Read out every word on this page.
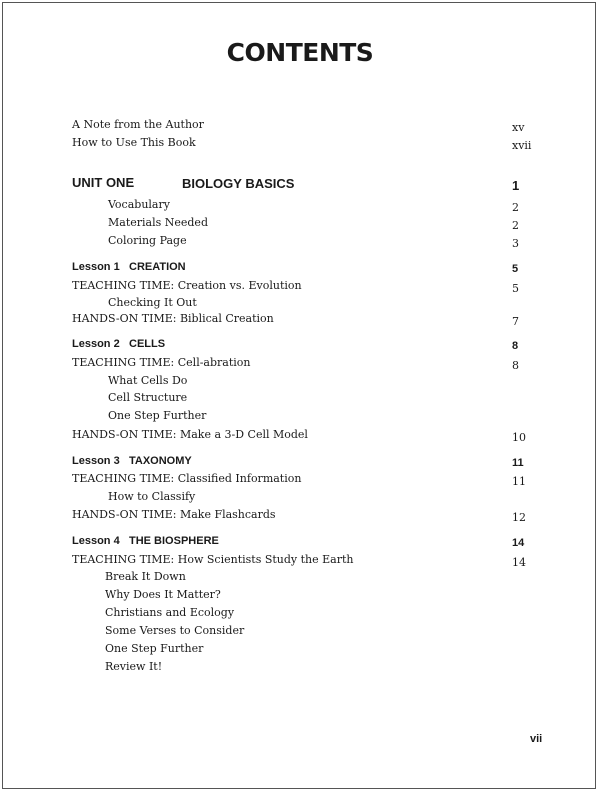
CONTENTS
A Note from the Author	xv
How to Use This Book	xvii
UNIT ONE	BIOLOGY BASICS	1
Vocabulary	2
Materials Needed	2
Coloring Page	3
Lesson 1 CREATION	5
TEACHING TIME: Creation vs. Evolution	5
Checking It Out
HANDS-ON TIME: Biblical Creation	7
Lesson 2 CELLS	8
TEACHING TIME: Cell-abration	8
What Cells Do
Cell Structure
One Step Further
HANDS-ON TIME: Make a 3-D Cell Model	10
Lesson 3 TAXONOMY	11
TEACHING TIME: Classified Information	11
How to Classify
HANDS-ON TIME: Make Flashcards	12
Lesson 4 THE BIOSPHERE	14
TEACHING TIME: How Scientists Study the Earth	14
Break It Down
Why Does It Matter?
Christians and Ecology
Some Verses to Consider
One Step Further
Review It!
vii
